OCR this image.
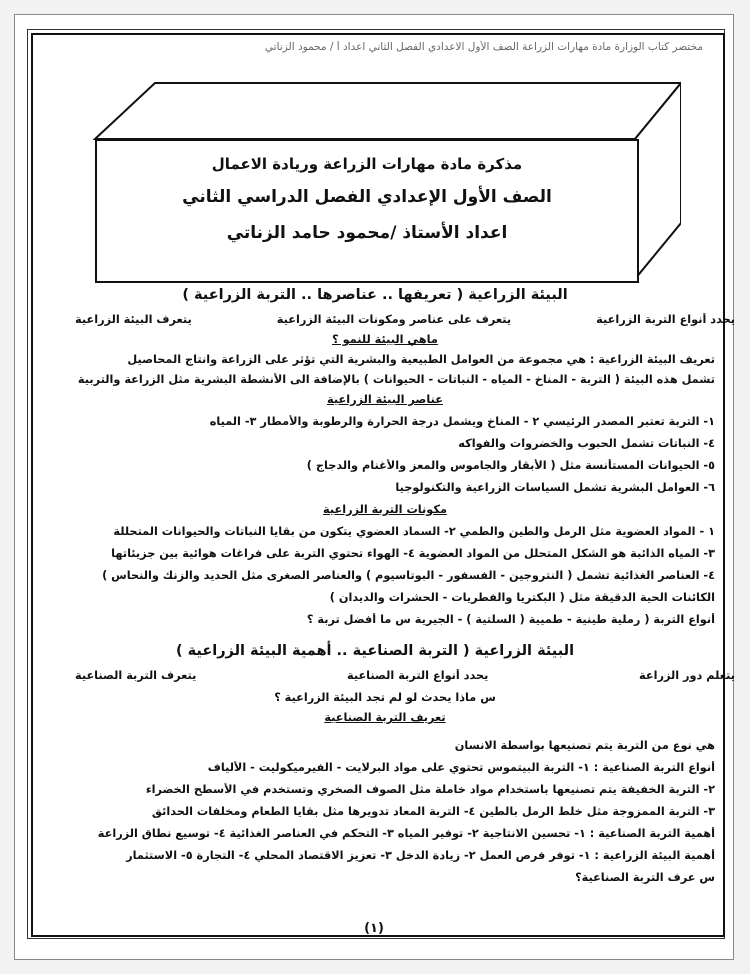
مختصر كتاب الوزارة مادة مهارات الزراعة الصف الأول الاعدادي الفصل الثاني اعداد أ / محمود الزناتي
مذكرة مادة مهارات الزراعة وريادة الاعمال
الصف الأول الإعدادي الفصل الدراسي الثاني
اعداد الأستاذ /محمود حامد الزناتي
البيئة الزراعية ( تعريفها .. عناصرها .. التربة الزراعية )
يتعرف البيئة الزراعية	يتعرف على عناصر ومكونات البيئة الزراعية	يحدد أنواع التربة الزراعية
ماهي البيئة للنمو ؟
تعريف البيئة الزراعية : هي مجموعة من العوامل الطبيعية والبشرية التي تؤثر على الزراعة وانتاج المحاصيل
تشمل هذه البيئة ( التربة - المناخ - المياه - النباتات - الحيوانات ) بالإضافة الى الأنشطة البشرية مثل الزراعة والتربية
عناصر البيئة الزراعية
١- التربة تعتبر المصدر الرئيسي ٢ - المناخ ويشمل درجة الحرارة والرطوبة والأمطار ٣- المياه
٤- النباتات تشمل الحبوب والخضروات والفواكه
٥- الحيوانات المستأنسة مثل ( الأبقار والجاموس والمعز والأغنام والدجاج )
٦- العوامل البشرية تشمل السياسات الزراعية والتكنولوجيا
مكونات التربة الزراعية
١ - المواد العضوية مثل الرمل والطين والطمي ٢- السماد العضوي يتكون من بقايا النباتات والحيوانات المتحللة
٣- المياه الذائبة هو الشكل المتحلل من المواد العضوية ٤- الهواء تحتوي التربة على فراغات هوائية بين جزيئاتها
٤- العناصر الغذائية تشمل ( النتروجين - الفسفور - البوتاسيوم ) والعناصر الصغرى مثل الحديد والزنك والنحاس )
الكائنات الحية الدقيقة مثل ( البكتريا والفطريات - الحشرات والديدان )
أنواع التربة ( رملية طينية - طميية ( السلتية ) - الجيرية س ما أفضل تربة ؟
البيئة الزراعية ( التربة الصناعية .. أهمية البيئة الزراعية )
يتعرف التربة الصناعية	يحدد أنواع التربة الصناعية	يتعلم دور الزراعة
س ماذا يحدث لو لم تجد البيئة الزراعية ؟
تعريف التربة الصناعية
هي نوع من التربة يتم تصنيعها بواسطة الانسان
أنواع التربة الصناعية : ١- التربة البيتموس تحتوي على مواد البرلايت - الفيرميكوليت - الألياف
٢- التربة الخفيفة يتم تصنيعها باستخدام مواد خاملة مثل الصوف الصخري وتستخدم في الأسطح الخضراء
٣- التربة الممزوجة مثل خلط الرمل بالطين ٤- التربة المعاد تدويرها مثل بقايا الطعام ومخلفات الحدائق
أهمية التربة الصناعية : ١- تحسين الانتاجية ٢- توفير المياه ٣- التحكم في العناصر الغذائية ٤- توسيع نطاق الزراعة
أهمية البيئة الزراعية : ١- توفر فرص العمل ٢- زيادة الدخل ٣- تعزيز الاقتصاد المحلي ٤- التجارة ٥- الاستثمار
س عرف التربة الصناعية؟
(١)
